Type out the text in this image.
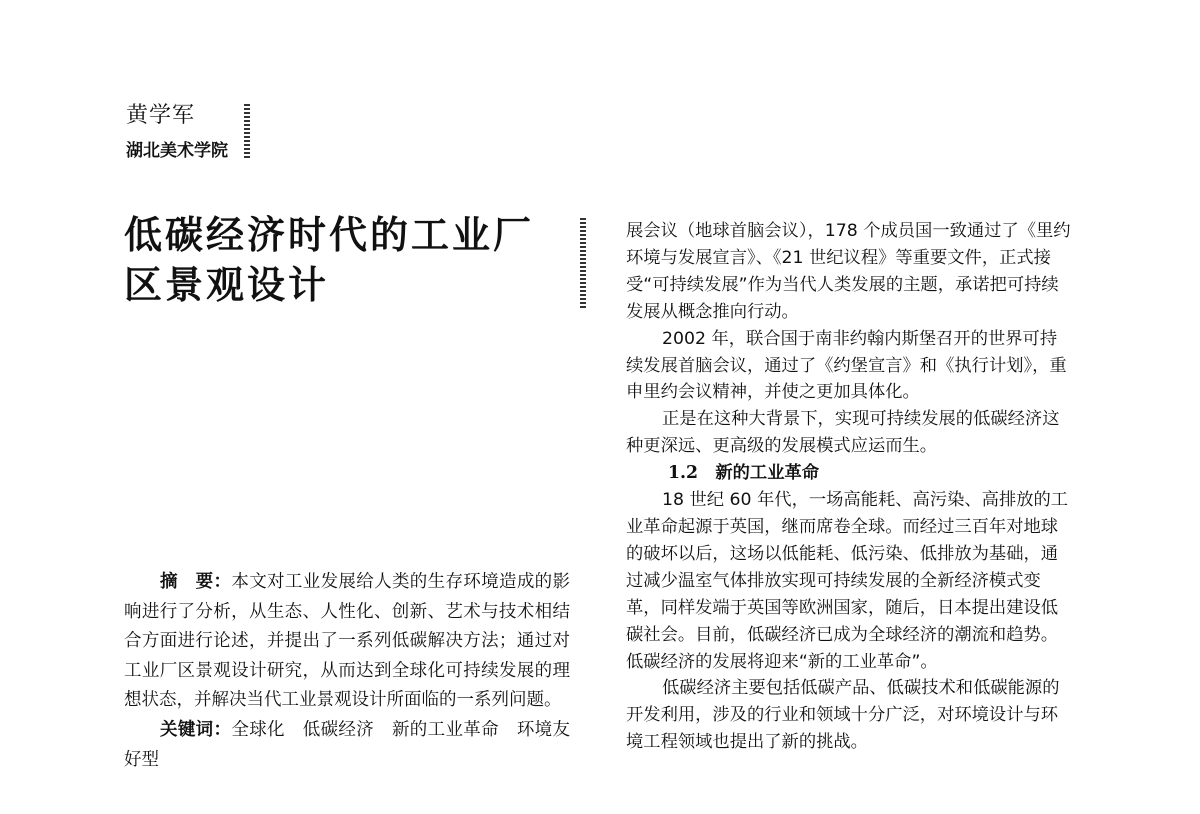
黄学军
湖北美术学院
低碳经济时代的工业厂
区景观设计

摘　要：本文对工业发展给人类的生存环境造成的影响进行了分析，从生态、人性化、创新、艺术与技术相结合方面进行论述，并提出了一系列低碳解决方法；通过对工业厂区景观设计研究，从而达到全球化可持续发展的理想状态，并解决当代工业景观设计所面临的一系列问题。

关键词：全球化　低碳经济　新的工业革命　环境友好型

展会议（地球首脑会议），178 个成员国一致通过了《里约环境与发展宣言》、《21 世纪议程》等重要文件，正式接受“可持续发展”作为当代人类发展的主题，承诺把可持续发展从概念推向行动。

2002 年，联合国于南非约翰内斯堡召开的世界可持续发展首脑会议，通过了《约堡宣言》和《执行计划》，重申里约会议精神，并使之更加具体化。

正是在这种大背景下，实现可持续发展的低碳经济这种更深远、更高级的发展模式应运而生。

1.2　新的工业革命

18 世纪 60 年代，一场高能耗、高污染、高排放的工业革命起源于英国，继而席卷全球。而经过三百年对地球的破坏以后，这场以低能耗、低污染、低排放为基础，通过减少温室气体排放实现可持续发展的全新经济模式变革，同样发端于英国等欧洲国家，随后，日本提出建设低碳社会。目前，低碳经济已成为全球经济的潮流和趋势。低碳经济的发展将迎来“新的工业革命”。

低碳经济主要包括低碳产品、低碳技术和低碳能源的开发利用，涉及的行业和领域十分广泛，对环境设计与环境工程领域也提出了新的挑战。
